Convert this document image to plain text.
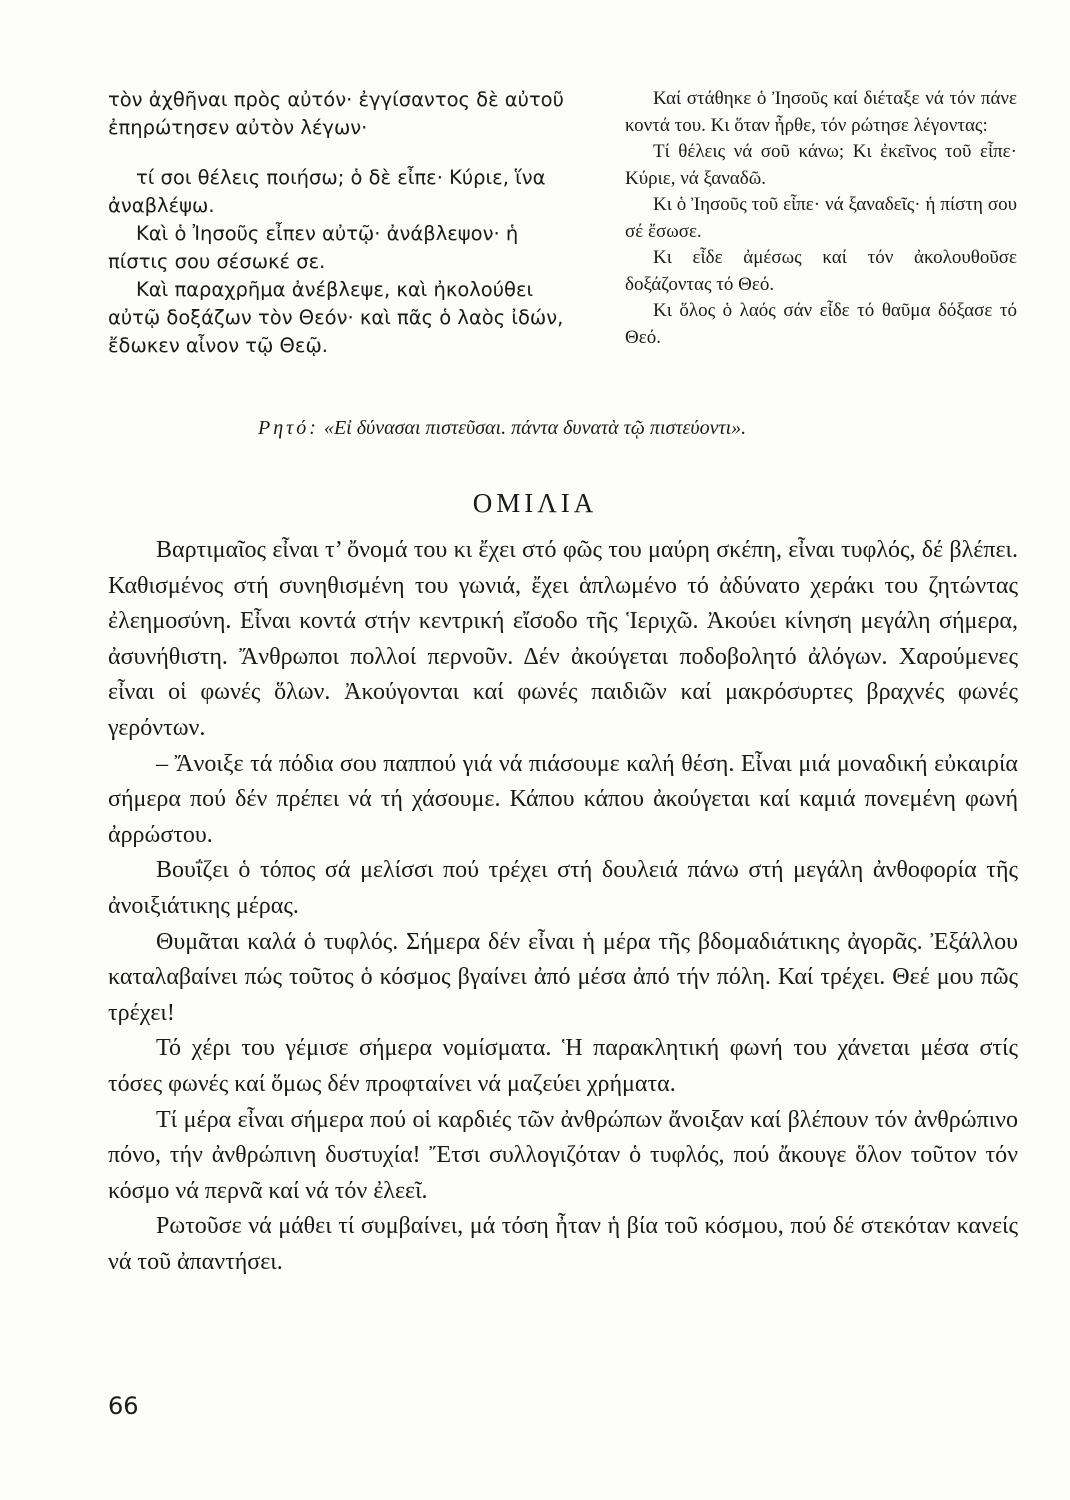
τὸν ἀχθῆναι πρὸς αὐτόν· ἐγγίσαντος δὲ αὐτοῦ ἐπηρώτησεν αὐτὸν λέγων·

τί σοι θέλεις ποιήσω; ὁ δὲ εἶπε· Κύριε, ἵνα ἀναβλέψω.

Καὶ ὁ Ἰησοῦς εἶπεν αὐτῷ· ἀνάβλεψον· ἡ πίστις σου σέσωκέ σε.

Καὶ παραχρῆμα ἀνέβλεψε, καὶ ἠκολούθει αὐτῷ δοξάζων τὸν Θεόν· καὶ πᾶς ὁ λαὸς ἰδών, ἔδωκεν αἶνον τῷ Θεῷ.

Καί στάθηκε ὁ Ἰησοῦς καί διέταξε νά τόν πάνε κοντά του. Κι ὅταν ἦρθε, τόν ρώτησε λέγοντας:

Τί θέλεις νά σοῦ κάνω; Κι ἐκεῖνος τοῦ εἶπε· Κύριε, νά ξαναδῶ.

Κι ὁ Ἰησοῦς τοῦ εἶπε· νά ξαναδεῖς· ἡ πίστη σου σέ ἔσωσε.

Κι εἶδε ἀμέσως καί τόν ἀκολουθοῦσε δοξάζοντας τό Θεό.

Κι ὅλος ὁ λαός σάν εἶδε τό θαῦμα δόξασε τό Θεό.

Ρητό: «Εἰ δύνασαι πιστεῦσαι. πάντα δυνατὰ τῷ πιστεύοντι».
ΟΜΙΛΙΑ

Βαρτιμαῖος εἶναι τ’ ὄνομά του κι ἔχει στό φῶς του μαύρη σκέπη, εἶναι τυφλός, δέ βλέπει. Καθισμένος στή συνηθισμένη του γωνιά, ἔχει ἁπλωμένο τό ἀδύνατο χεράκι του ζητώντας ἐλεημοσύνη. Εἶναι κοντά στήν κεντρική εἴσοδο τῆς Ἱεριχῶ. Ἀκούει κίνηση μεγάλη σήμερα, ἀσυνήθιστη. Ἄνθρωποι πολλοί περνοῦν. Δέν ἀκούγεται ποδοβολητό ἀλόγων. Χαρούμενες εἶναι οἱ φωνές ὅλων. Ἀκούγονται καί φωνές παιδιῶν καί μακρόσυρτες βραχνές φωνές γερόντων.

– Ἄνοιξε τά πόδια σου παππού γιά νά πιάσουμε καλή θέση. Εἶναι μιά μοναδική εὐκαιρία σήμερα πού δέν πρέπει νά τή χάσουμε. Κάπου κάπου ἀκούγεται καί καμιά πονεμένη φωνή ἀρρώστου.

Βουΐζει ὁ τόπος σά μελίσσι πού τρέχει στή δουλειά πάνω στή μεγάλη ἀνθοφορία τῆς ἀνοιξιάτικης μέρας.

Θυμᾶται καλά ὁ τυφλός. Σήμερα δέν εἶναι ἡ μέρα τῆς βδομαδιάτικης ἀγορᾶς. Ἐξάλλου καταλαβαίνει πώς τοῦτος ὁ κόσμος βγαίνει ἀπό μέσα ἀπό τήν πόλη. Καί τρέχει. Θεέ μου πῶς τρέχει!

Τό χέρι του γέμισε σήμερα νομίσματα. Ἡ παρακλητική φωνή του χάνεται μέσα στίς τόσες φωνές καί ὅμως δέν προφταίνει νά μαζεύει χρήματα.

Τί μέρα εἶναι σήμερα πού οἱ καρδιές τῶν ἀνθρώπων ἄνοιξαν καί βλέπουν τόν ἀνθρώπινο πόνο, τήν ἀνθρώπινη δυστυχία! Ἔτσι συλλογιζόταν ὁ τυφλός, πού ἄκουγε ὅλον τοῦτον τόν κόσμο νά περνᾶ καί νά τόν ἐλεεῖ.

Ρωτοῦσε νά μάθει τί συμβαίνει, μά τόση ἦταν ἡ βία τοῦ κόσμου, πού δέ στεκόταν κανείς νά τοῦ ἀπαντήσει.

66
